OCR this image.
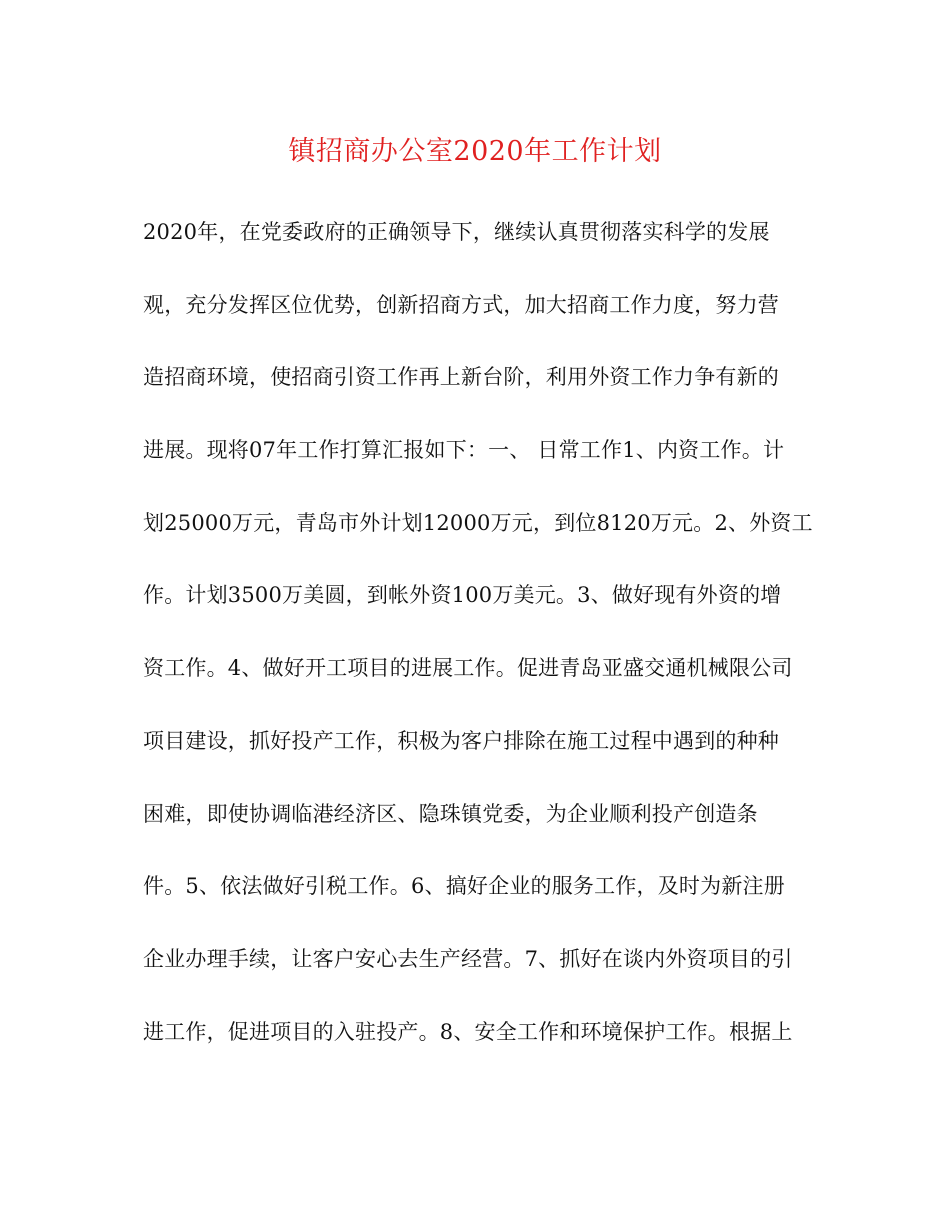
镇招商办公室2020年工作计划
2020年，在党委政府的正确领导下，继续认真贯彻落实科学的发展
观，充分发挥区位优势，创新招商方式，加大招商工作力度，努力营
造招商环境，使招商引资工作再上新台阶，利用外资工作力争有新的
进展。现将07年工作打算汇报如下：一、 日常工作1、内资工作。计
划25000万元，青岛市外计划12000万元，到位8120万元。2、外资工
作。计划3500万美圆，到帐外资100万美元。3、做好现有外资的增
资工作。4、做好开工项目的进展工作。促进青岛亚盛交通机械限公司
项目建设，抓好投产工作，积极为客户排除在施工过程中遇到的种种
困难，即使协调临港经济区、隐珠镇党委，为企业顺利投产创造条
件。5、依法做好引税工作。6、搞好企业的服务工作，及时为新注册
企业办理手续，让客户安心去生产经营。7、抓好在谈内外资项目的引
进工作，促进项目的入驻投产。8、安全工作和环境保护工作。根据上
